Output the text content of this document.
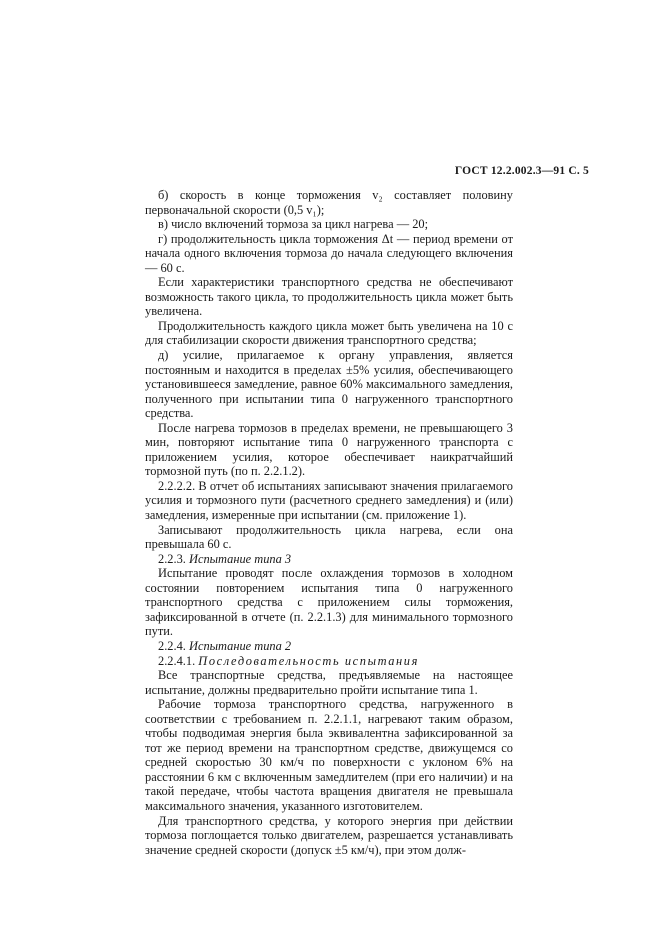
ГОСТ 12.2.002.3—91 С. 5

б) скорость в конце торможения v₂ составляет половину первоначальной скорости (0,5 v₁);

в) число включений тормоза за цикл нагрева — 20;

г) продолжительность цикла торможения Δt — период времени от начала одного включения тормоза до начала следующего включения — 60 с.

Если характеристики транспортного средства не обеспечивают возможность такого цикла, то продолжительность цикла может быть увеличена.

Продолжительность каждого цикла может быть увеличена на 10 с для стабилизации скорости движения транспортного средства;

д) усилие, прилагаемое к органу управления, является постоянным и находится в пределах ±5% усилия, обеспечивающего установившееся замедление, равное 60% максимального замедления, полученного при испытании типа 0 нагруженного транспортного средства.

После нагрева тормозов в пределах времени, не превышающего 3 мин, повторяют испытание типа 0 нагруженного транспорта с приложением усилия, которое обеспечивает наикратчайший тормозной путь (по п. 2.2.1.2).

2.2.2.2. В отчет об испытаниях записывают значения прилагаемого усилия и тормозного пути (расчетного среднего замедления) и (или) замедления, измеренные при испытании (см. приложение 1).

Записывают продолжительность цикла нагрева, если она превышала 60 с.

2.2.3. Испытание типа 3

Испытание проводят после охлаждения тормозов в холодном состоянии повторением испытания типа 0 нагруженного транспортного средства с приложением силы торможения, зафиксированной в отчете (п. 2.2.1.3) для минимального тормозного пути.

2.2.4. Испытание типа 2

2.2.4.1. Последовательность испытания

Все транспортные средства, предъявляемые на настоящее испытание, должны предварительно пройти испытание типа 1.

Рабочие тормоза транспортного средства, нагруженного в соответствии с требованием п. 2.2.1.1, нагревают таким образом, чтобы подводимая энергия была эквивалентна зафиксированной за тот же период времени на транспортном средстве, движущемся со средней скоростью 30 км/ч по поверхности с уклоном 6% на расстоянии 6 км с включенным замедлителем (при его наличии) и на такой передаче, чтобы частота вращения двигателя не превышала максимального значения, указанного изготовителем.

Для транспортного средства, у которого энергия при действии тормоза поглощается только двигателем, разрешается устанавливать значение средней скорости (допуск ±5 км/ч), при этом долж-
